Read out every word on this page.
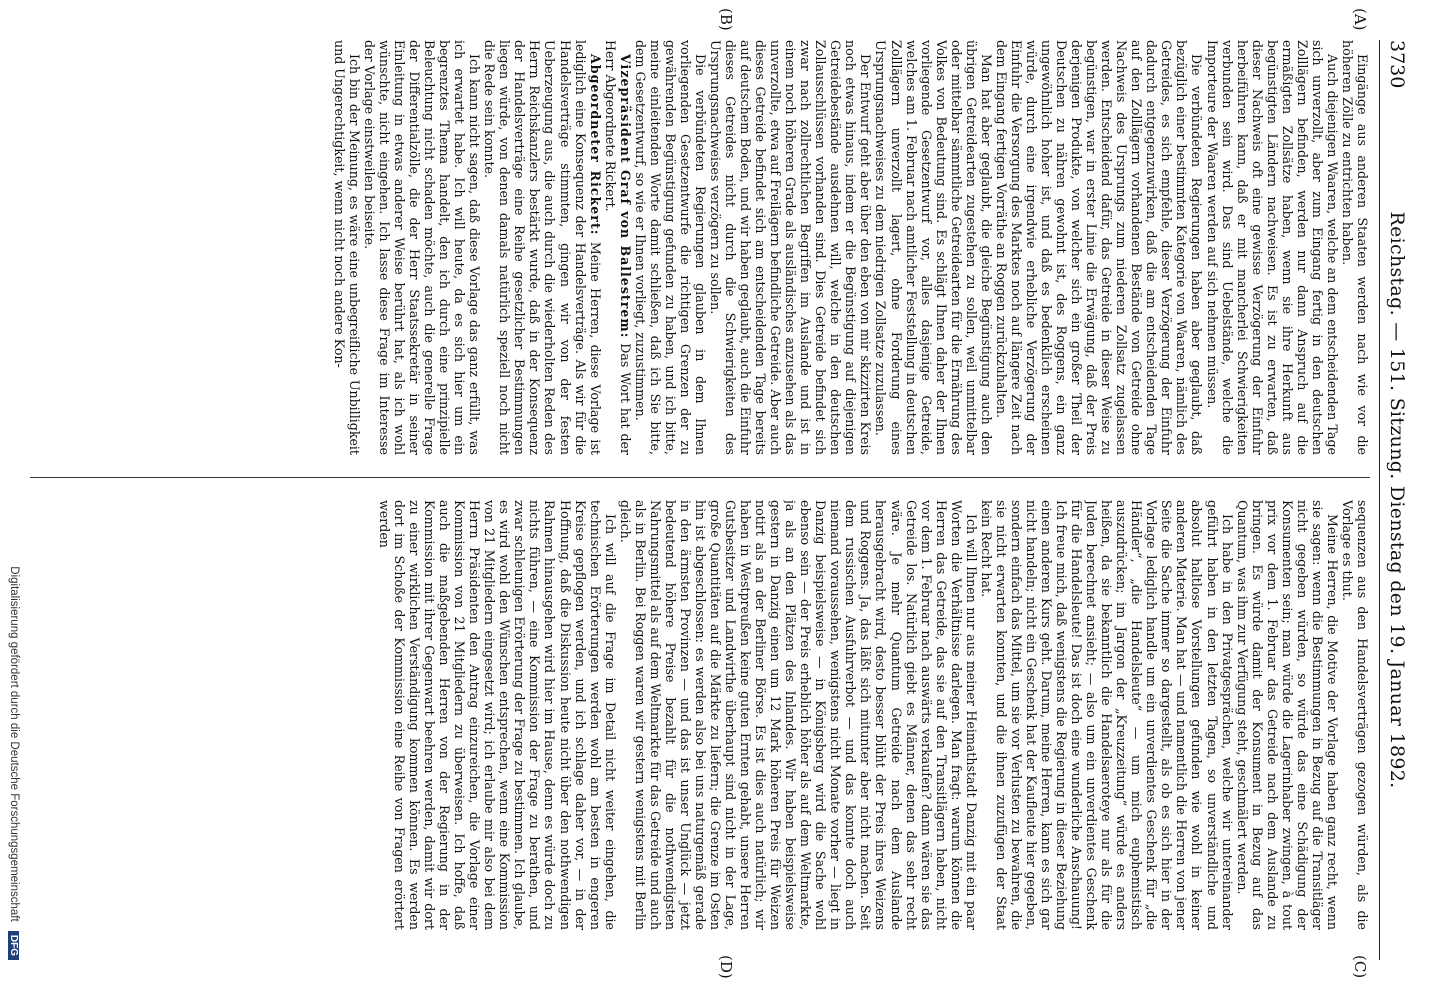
3730
Reichstag. — 151. Sitzung. Dienstag den 19. Januar 1892.
(A)
(B)
(C)
(D)

Eingänge aus anderen Staaten werden nach wie vor die höheren Zölle zu entrichten haben.

Auch diejenigen Waaren, welche an dem entscheidenden Tage sich unverzollt, aber zum Eingang fertig in den deutschen Zolllägern befinden, werden nur dann Anspruch auf die ermäßigten Zollsätze haben, wenn sie ihre Herkunft aus begünstigten Ländern nachweisen. Es ist zu erwarten, daß dieser Nachweis oft eine gewisse Verzögerung der Einfuhr herbeiführen kann, daß er mit mancherlei Schwierigkeiten verbunden sein wird. Das sind Uebelstände, welche die Importeure der Waaren werden auf sich nehmen müssen.

Die verbündeten Regierungen haben aber geglaubt, daß bezüglich einer bestimmten Kategorie von Waaren, nämlich des Getreides, es sich empfehle, dieser Verzögerung der Einfuhr dadurch entgegenzuwirken, daß die am entscheidenden Tage auf den Zolllägern vorhandenen Bestände von Getreide ohne Nachweis des Ursprungs zum niederen Zollsatz zugelassen werden. Entscheidend dafür, das Getreide in dieser Weise zu begünstigen, war in erster Linie die Erwägung, daß der Preis derjenigen Produkte, von welcher sich ein großer Theil der Deutschen zu nähren gewohnt ist, des Roggens, ein ganz ungewöhnlich hoher ist, und daß es bedenklich erscheinen würde, durch eine irgendwie erhebliche Verzögerung der Einfuhr die Versorgung des Marktes noch auf längere Zeit nach dem Eingang fertigen Vorräthe an Roggen zurückzuhalten.

Man hat aber geglaubt, die gleiche Begünstigung auch den übrigen Getreidearten zugestehen zu sollen, weil unmittelbar oder mittelbar sämmtliche Getreidearten für die Ernährung des Volkes von Bedeutung sind. Es schlägt Ihnen daher der Ihnen vorliegende Gesetzentwurf vor, alles dasjenige Getreide, welches am 1. Februar nach amtlicher Feststellung in deutschen Zolllägern unverzollt lagert, ohne Forderung eines Ursprungsnachweises zu dem niedrigen Zollsatze zuzulassen.

Der Entwurf geht aber über den eben von mir skizzirten Kreis noch etwas hinaus, indem er die Begünstigung auf diejenigen Getreidebestände ausdehnen will, welche in den deutschen Zollausschlüssen vorhanden sind. Dies Getreide befindet sich zwar nach zollrechtlichen Begriffen im Auslande und ist in einem noch höheren Grade als ausländisches anzusehen als das unverzollte, etwa auf Freilägern befindliche Getreide. Aber auch dieses Getreide befindet sich am entscheidenden Tage bereits auf deutschem Boden, und wir haben geglaubt, auch die Einfuhr dieses Getreides nicht durch die Schwierigkeiten des Ursprungsnachweises verzögern zu sollen.

Die verbündeten Regierungen glauben in dem Ihnen vorliegenden Gesetzentwurfe die richtigen Grenzen der zu gewährenden Begünstigung gefunden zu haben, und ich bitte, meine einleitenden Worte damit schließen, daß ich Sie bitte, dem Gesetzentwurf, so wie er Ihnen vorliegt, zuzustimmen.

Vizepräsident Graf von Ballestrem: Das Wort hat der Herr Abgeordnete Rickert.

Abgeordneter Rickert: Meine Herren, diese Vorlage ist lediglich eine Konsequenz der Handelsverträge. Als wir für die Handelsverträge stimmten, gingen wir von der festen Ueberzeugung aus, die auch durch die wiederholten Reden des Herrn Reichskanzlers bestärkt wurde, daß in der Konsequenz der Handelsverträge eine Reihe gesetzlicher Bestimmungen liegen würde, von denen damals natürlich speziell noch nicht die Rede sein konnte.

Ich kann nicht sagen, daß diese Vorlage das ganz erfüllt, was ich erwartet habe. Ich will heute, da es sich hier um ein begrenztes Thema handelt, den ich durch eine prinzipielle Beleuchtung nicht schaden möchte, auch die generelle Frage der Differentialzölle, die der Herr Staatssekretär in seiner Einleitung in etwas anderer Weise berührt hat, als ich wohl wünschte, nicht eingehen. Ich lasse diese Frage im Interesse der Vorlage einstweilen beiseite.

Ich bin der Meinung, es wäre eine unbegreifliche Unbilligkeit und Ungerechtigkeit, wenn nicht noch andere Kon-

sequenzen aus den Handelsverträgen gezogen würden, als die Vorlage es thut.

Meine Herren, die Motive der Vorlage haben ganz recht, wenn sie sagen: wenn die Bestimmungen in Bezug auf die Transitläger nicht gegeben würden, so würde das eine Schädigung der Konsumenten sein; man würde die Lagerinhaber zwingen, à tout prix vor dem 1. Februar das Getreide nach dem Auslande zu bringen. Es würde damit der Konsument in Bezug auf das Quantum, was ihm zur Verfügung steht, geschmälert werden.

Ich habe in den Privatgesprächen, welche wir untereinander geführt haben in den letzten Tagen, so unverständliche und absolut haltlose Vorstellungen gefunden wie wohl in keiner anderen Materie. Man hat — und namentlich die Herren von jener Seite die Sache immer so dargestellt, als ob es sich hier in der Vorlage lediglich handle um ein unverdientes Geschenk für „die Händler“, „die Handelsleute“ — um mich euphemistisch auszudrücken; im Jargon der „Kreuzzeitung“ würde es anders heißen, da sie bekanntlich die Handelsaeroteye nur als für die Juden berechnet ansieht; — also um ein unverdientes Geschenk für die Handelsleute! Das ist doch eine wunderliche Anschauung! Ich freue mich, daß wenigstens die Regierung in dieser Beziehung einen anderen Kurs geht. Darum, meine Herren, kann es sich gar nicht handeln; nicht ein Geschenk hat der Kaufleute hier gegeben, sondern einfach das Mittel, um sie vor Verlusten zu bewahren, die sie nicht erwarten konnten, und die ihnen zuzufügen der Staat kein Recht hat.

Ich will Ihnen nur aus meiner Heimathstadt Danzig mit ein paar Worten die Verhältnisse darlegen. Man fragt: warum können die Herren das Getreide, das sie auf den Transitlägern haben, nicht vor dem 1. Februar nach auswärts verkaufen? dann wären sie das Getreide los. Natürlich giebt es Männer, denen das sehr recht wäre. Je mehr Quantum Getreide nach dem Auslande herausgebracht wird, desto besser blüht der Preis ihres Weizens und Roggens. Ja, das läßt sich mitunter aber nicht machen. Seit dem russischen Ausfuhrverbot — und das konnte doch auch niemand voraussehen, wenigstens nicht Monate vorher — liegt in Danzig beispielsweise — in Königsberg wird die Sache wohl ebenso sein — der Preis erheblich höher als auf dem Weltmarkte, ja als an den Plätzen des Inlandes. Wir haben beispielsweise gestern in Danzig einen um 12 Mark höheren Preis für Weizen notirt als an der Berliner Börse. Es ist dies auch natürlich; wir haben in Westpreußen keine guten Ernten gehabt, unsere Herren Gutsbesitzer und Landwirthe überhaupt sind nicht in der Lage, große Quantitäten auf die Märkte zu liefern; die Grenze im Osten hin ist abgeschlossen: es werden also bei uns naturgemäß gerade in den ärmsten Provinzen — und das ist unser Unglück — jetzt bedeutend höhere Preise bezahlt für die nothwendigsten Nahrungsmittel als auf dem Weltmarkte für das Getreide und auch als in Berlin. Bei Roggen waren wir gestern wenigstens mit Berlin gleich.

Ich will auf die Frage im Detail nicht weiter eingehen, die technischen Erörterungen werden wohl am besten in engeren Kreise gepflogen werden, und ich schlage daher vor, — in der Hoffnung, daß die Diskussion heute nicht über den nothwendigen Rahmen hinausgehen wird hier im Hause, denn es würde doch zu nichts führen, — eine Kommission der Frage zu berathen, und zwar schleunigen Erörterung der Frage zu bestimmen. Ich glaube, es wird wohl den Wünschen entsprechen, wenn eine Kommission von 21 Mitgliedern eingesetzt wird; ich erlaube mir also bei dem Herrn Präsidenten den Antrag einzureichen, die Vorlage einer Kommission von 21 Mitgliedern zu überweisen. Ich hoffe, daß auch die maßgebenden Herren von der Regierung in der Kommission mit ihrer Gegenwart beehren werden, damit wir dort zu einer wirklichen Verständigung kommen können. Es werden dort im Schoße der Kommission eine Reihe von Fragen erörtert werden

Digitalisierung gefördert durch die Deutsche Forschungsgemeinschaft DFG
